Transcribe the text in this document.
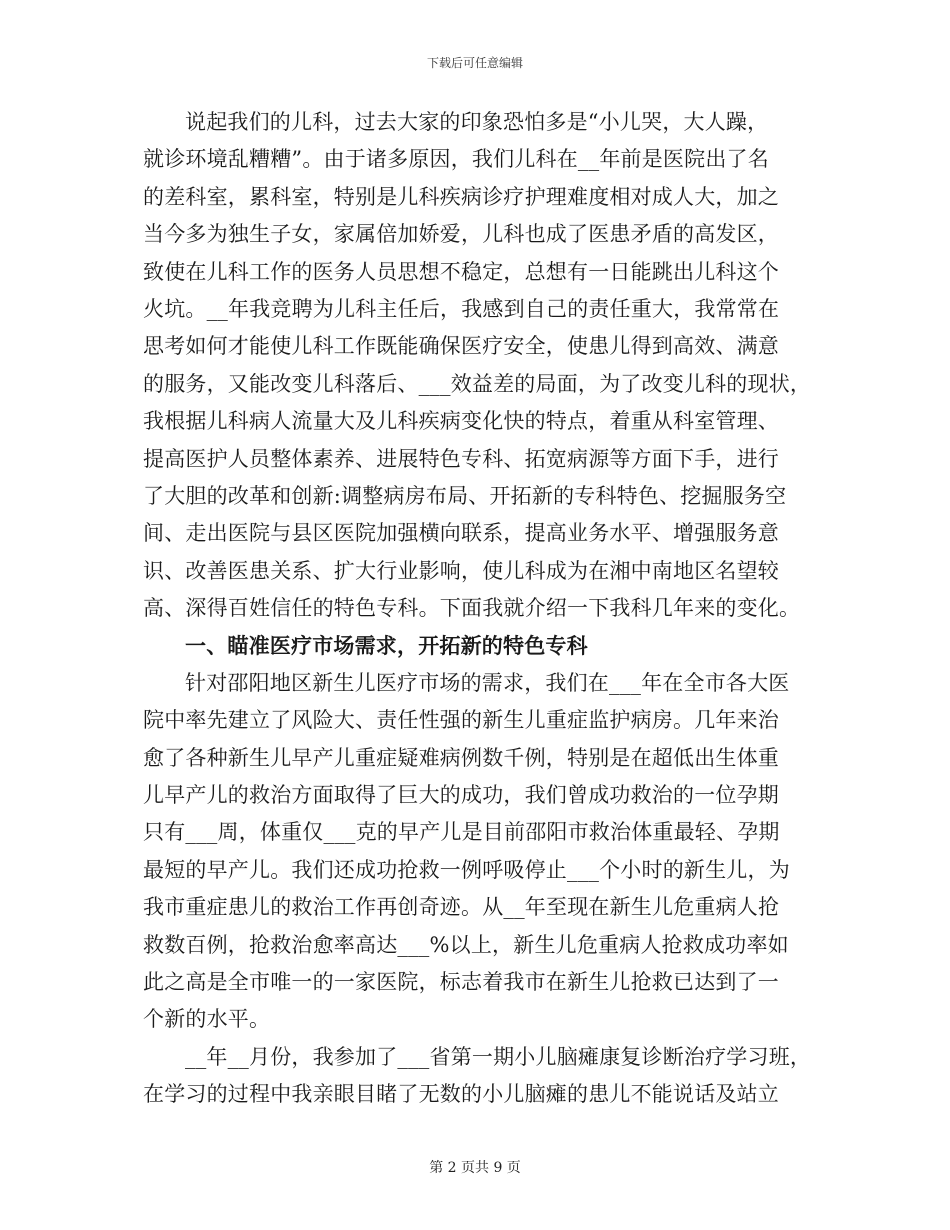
下载后可任意编辑
说起我们的儿科，过去大家的印象恐怕多是“小儿哭，大人躁，
就诊环境乱糟糟”。由于诸多原因，我们儿科在__年前是医院出了名
的差科室，累科室，特别是儿科疾病诊疗护理难度相对成人大，加之
当今多为独生子女，家属倍加娇爱，儿科也成了医患矛盾的高发区，
致使在儿科工作的医务人员思想不稳定，总想有一日能跳出儿科这个
火坑。__年我竞聘为儿科主任后，我感到自己的责任重大，我常常在
思考如何才能使儿科工作既能确保医疗安全，使患儿得到高效、满意
的服务，又能改变儿科落后、___效益差的局面，为了改变儿科的现状，
我根据儿科病人流量大及儿科疾病变化快的特点，着重从科室管理、
提高医护人员整体素养、进展特色专科、拓宽病源等方面下手，进行
了大胆的改革和创新:调整病房布局、开拓新的专科特色、挖掘服务空
间、走出医院与县区医院加强横向联系，提高业务水平、增强服务意
识、改善医患关系、扩大行业影响，使儿科成为在湘中南地区名望较
高、深得百姓信任的特色专科。下面我就介绍一下我科几年来的变化。
一、瞄准医疗市场需求，开拓新的特色专科
针对邵阳地区新生儿医疗市场的需求，我们在___年在全市各大医
院中率先建立了风险大、责任性强的新生儿重症监护病房。几年来治
愈了各种新生儿早产儿重症疑难病例数千例，特别是在超低出生体重
儿早产儿的救治方面取得了巨大的成功，我们曾成功救治的一位孕期
只有___周，体重仅___克的早产儿是目前邵阳市救治体重最轻、孕期
最短的早产儿。我们还成功抢救一例呼吸停止___个小时的新生儿，为
我市重症患儿的救治工作再创奇迹。从__年至现在新生儿危重病人抢
救数百例，抢救治愈率高达___%以上，新生儿危重病人抢救成功率如
此之高是全市唯一的一家医院，标志着我市在新生儿抢救已达到了一
个新的水平。
__年__月份，我参加了___省第一期小儿脑瘫康复诊断治疗学习班，
在学习的过程中我亲眼目睹了无数的小儿脑瘫的患儿不能说话及站立
第 2 页共 9 页
